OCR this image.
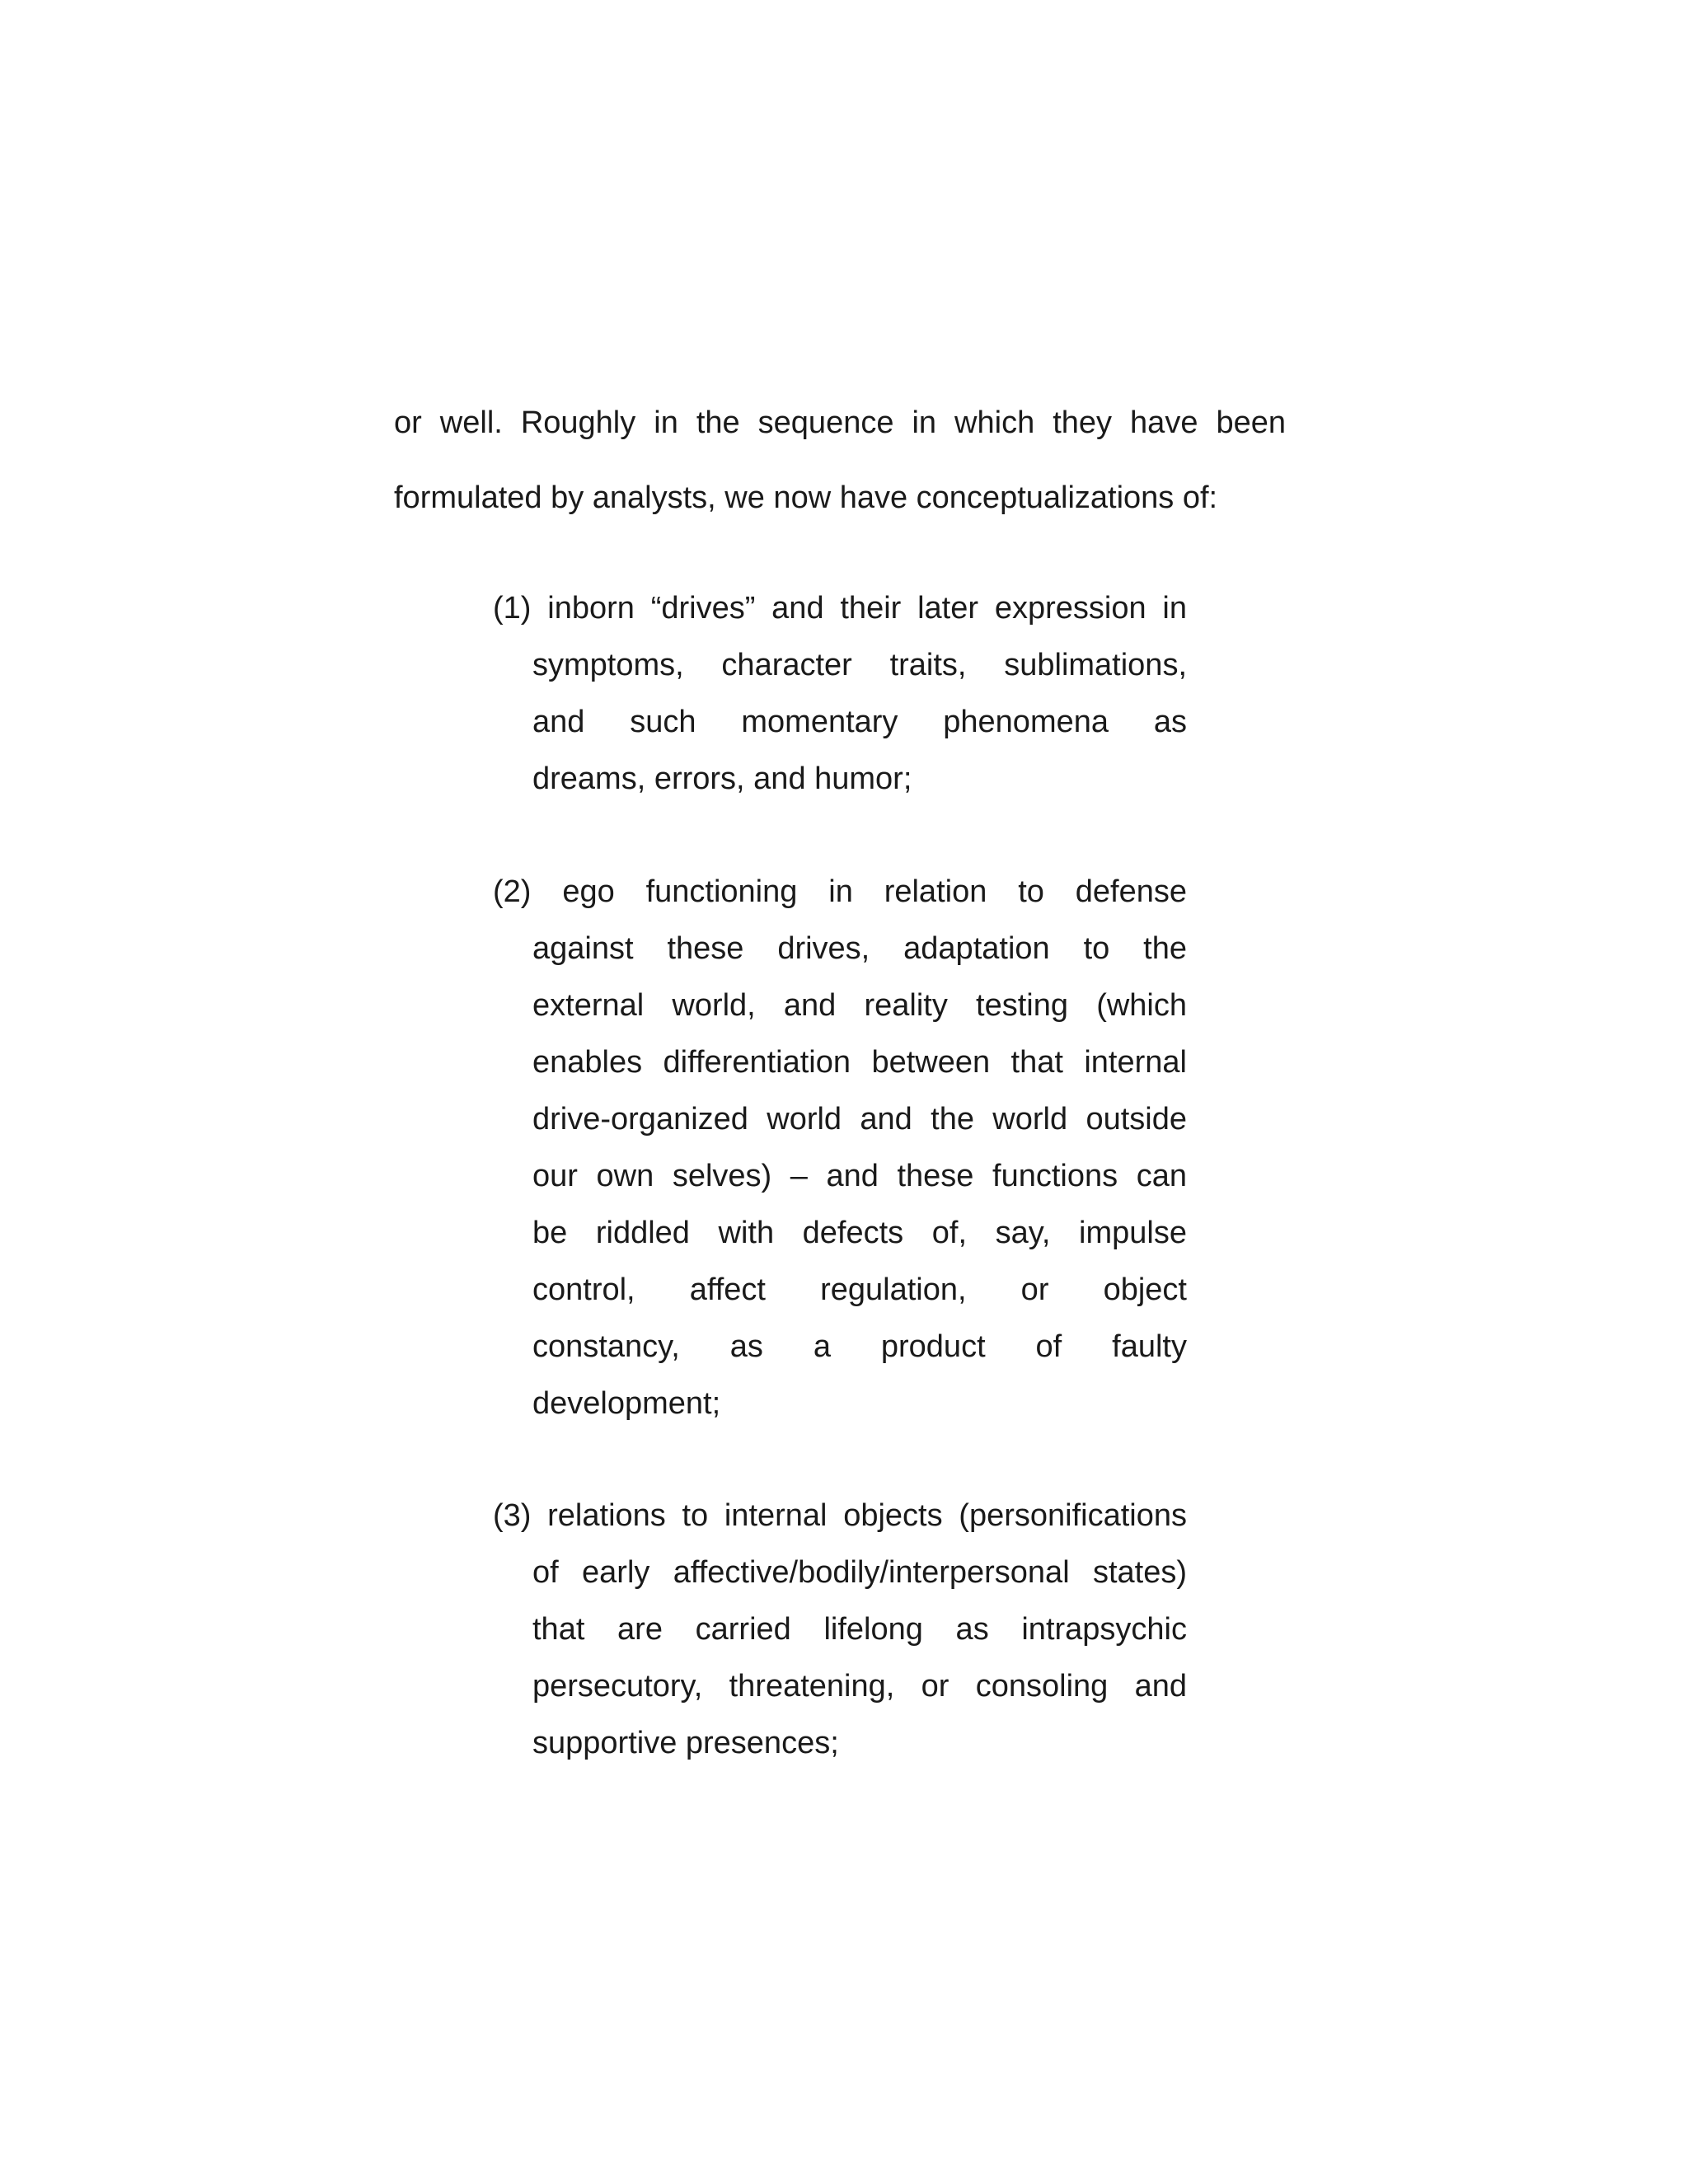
or well. Roughly in the sequence in which they have been
formulated by analysts, we now have conceptualizations of:

(1) inborn “drives” and their later expression in
symptoms, character traits, sublimations,
and such momentary phenomena as
dreams, errors, and humor;
(2) ego functioning in relation to defense
against these drives, adaptation to the
external world, and reality testing (which
enables differentiation between that internal
drive-organized world and the world outside
our own selves) – and these functions can
be riddled with defects of, say, impulse
control, affect regulation, or object
constancy, as a product of faulty
development;
(3) relations to internal objects (personifications
of early affective/bodily/interpersonal states)
that are carried lifelong as intrapsychic
persecutory, threatening, or consoling and
supportive presences;
